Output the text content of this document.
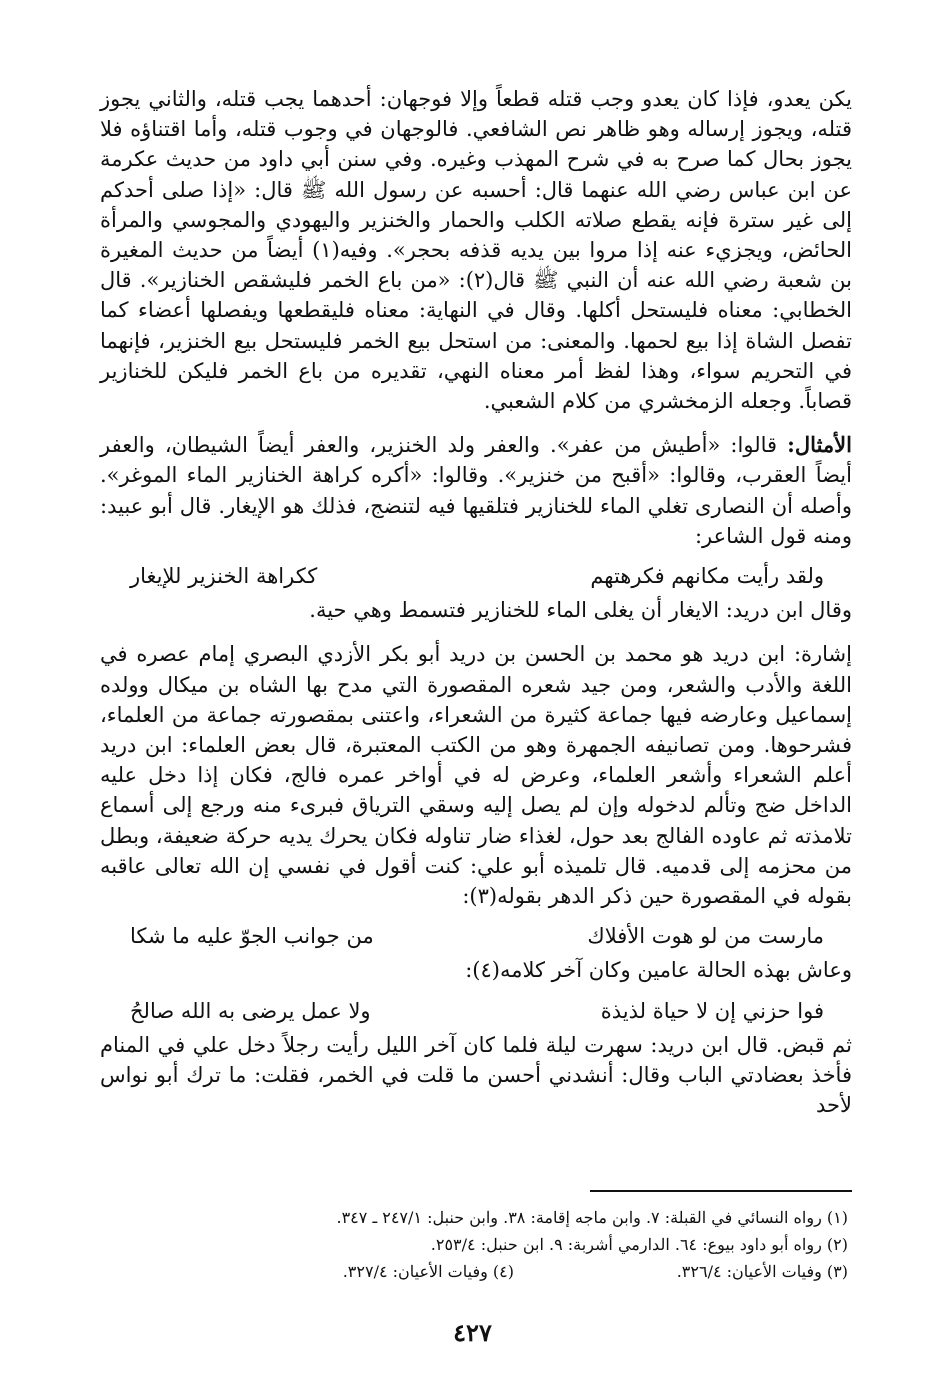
يكن يعدو، فإذا كان يعدو وجب قتله قطعاً وإلا فوجهان: أحدهما يجب قتله، والثاني يجوز قتله، ويجوز إرساله وهو ظاهر نص الشافعي. فالوجهان في وجوب قتله، وأما اقتناؤه فلا يجوز بحال كما صرح به في شرح المهذب وغيره. وفي سنن أبي داود من حديث عكرمة عن ابن عباس رضي الله عنهما قال: أحسبه عن رسول الله ﷺ قال: «إذا صلى أحدكم إلى غير سترة فإنه يقطع صلاته الكلب والحمار والخنزير واليهودي والمجوسي والمرأة الحائض، ويجزيء عنه إذا مروا بين يديه قذفه بحجر». وفيه(١) أيضاً من حديث المغيرة بن شعبة رضي الله عنه أن النبي ﷺ قال(٢): «من باع الخمر فليشقص الخنازير». قال الخطابي: معناه فليستحل أكلها. وقال في النهاية: معناه فليقطعها ويفصلها أعضاء كما تفصل الشاة إذا بيع لحمها. والمعنى: من استحل بيع الخمر فليستحل بيع الخنزير، فإنهما في التحريم سواء، وهذا لفظ أمر معناه النهي، تقديره من باع الخمر فليكن للخنازير قصاباً. وجعله الزمخشري من كلام الشعبي.

الأمثال: قالوا: «أطيش من عفر». والعفر ولد الخنزير، والعفر أيضاً الشيطان، والعفر أيضاً العقرب، وقالوا: «أقبح من خنزير». وقالوا: «أكره كراهة الخنازير الماء الموغر». وأصله أن النصارى تغلي الماء للخنازير فتلقيها فيه لتنضج، فذلك هو الإيغار. قال أبو عبيد: ومنه قول الشاعر:

ولقد رأيت مكانهم فكرهتهم
ككراهة الخنزير للإيغار

وقال ابن دريد: الايغار أن يغلى الماء للخنازير فتسمط وهي حية.

إشارة: ابن دريد هو محمد بن الحسن بن دريد أبو بكر الأزدي البصري إمام عصره في اللغة والأدب والشعر، ومن جيد شعره المقصورة التي مدح بها الشاه بن ميكال وولده إسماعيل وعارضه فيها جماعة كثيرة من الشعراء، واعتنى بمقصورته جماعة من العلماء، فشرحوها. ومن تصانيفه الجمهرة وهو من الكتب المعتبرة، قال بعض العلماء: ابن دريد أعلم الشعراء وأشعر العلماء، وعرض له في أواخر عمره فالج، فكان إذا دخل عليه الداخل ضج وتألم لدخوله وإن لم يصل إليه وسقي الترياق فبرىء منه ورجع إلى أسماع تلامذته ثم عاوده الفالج بعد حول، لغذاء ضار تناوله فكان يحرك يديه حركة ضعيفة، وبطل من محزمه إلى قدميه. قال تلميذه أبو علي: كنت أقول في نفسي إن الله تعالى عاقبه بقوله في المقصورة حين ذكر الدهر بقوله(٣):

مارست من لو هوت الأفلاك
من جوانب الجوّ عليه ما شكا

وعاش بهذه الحالة عامين وكان آخر كلامه(٤):

فوا حزني إن لا حياة لذيذة
ولا عمل يرضى به الله صالحُ

ثم قبض. قال ابن دريد: سهرت ليلة فلما كان آخر الليل رأيت رجلاً دخل علي في المنام فأخذ بعضادتي الباب وقال: أنشدني أحسن ما قلت في الخمر، فقلت: ما ترك أبو نواس لأحد

(١) رواه النسائي في القبلة: ٧. وابن ماجه إقامة: ٣٨. وابن حنبل: ٢٤٧/١ ـ ٣٤٧.
(٢) رواه أبو داود بيوع: ٦٤. الدارمي أشربة: ٩. ابن حنبل: ٢٥٣/٤.
(٣) وفيات الأعيان: ٣٢٦/٤.
(٤) وفيات الأعيان: ٣٢٧/٤.
٤٢٧
